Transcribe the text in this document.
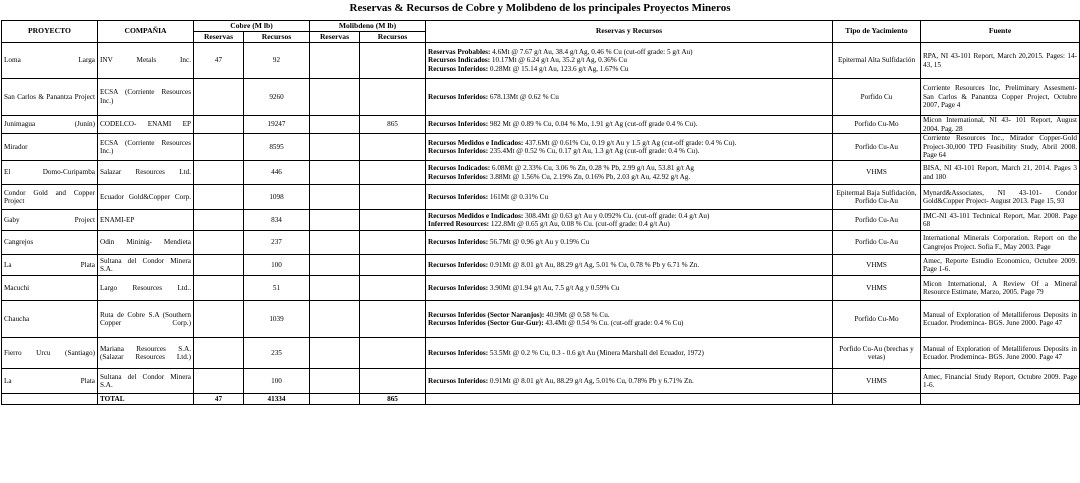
Reservas & Recursos de Cobre y Molibdeno de los principales Proyectos Mineros
PROYECTO	COMPAÑIA	Cobre (M lb)		Molibdeno (M lb)		Reservas y Recursos	Tipo de Yacimiento	Fuente
		Reservas	Recursos	Reservas	Recursos			
Loma Larga	INV Metals Inc.	47	92			Reservas Probables: 4.6Mt @ 7.67 g/t Au, 38.4 g/t Ag, 0.46 % Cu (cut-off grade: 5 g/t Au)
Recursos Indicados: 10.17Mt @ 6.24 g/t Au, 35.2 g/t Ag, 0.36% Cu
Recursos Inferidos: 0.28Mt @ 15.14 g/t Au, 123.6 g/t Ag, 1.67% Cu	Epitermal Alta Sulfidación	RPA, NI 43-101 Report, March 20,2015. Pages: 14-43, 15
San Carlos & Panantza Project	ECSA (Corriente Resources Inc.)		9260			Recursos Inferidos: 678.13Mt @ 0.62 % Cu	Porfido Cu	Corriente Resources Inc, Preliminary Assesment- San Carlos & Panantza Copper Project, Octubre 2007, Page 4
Junimagua (Junín)	CODELCO- ENAMI EP		19247		865	Recursos Inferidos: 982 Mt @ 0.89 % Cu, 0.04 % Mo, 1.91 g/t Ag (cut-off grade 0.4 % Cu).	Porfido Cu-Mo	Micon International, NI 43- 101 Report, August 2004. Pag. 28
Mirador	ECSA (Corriente Resources Inc.)		8595			Recursos Medidos e Indicados: 437.6Mt @ 0.61% Cu, 0.19 g/t Au y 1.5 g/t Ag (cut-off grade: 0.4 % Cu).
Recursos Inferidos: 235.4Mt @ 0.52 % Cu, 0.17 g/t Au, 1.3 g/t Ag (cut-off grade: 0.4 % Cu).	Porfido Cu-Au	Corriente Resources Inc., Mirador Copper-Gold Project-30,000 TPD Feasibility Study, Abril 2008. Page 64
El Domo-Curipamba	Salazar Resources Ltd.		446			Recursos Indicados: 6.08Mt @ 2.33% Cu, 3.06 % Zn, 0.28 % Pb, 2.99 g/t Au, 53.81 g/t Ag
Recursos Inferidos: 3.88Mt @ 1.56% Cu, 2.19% Zn, 0.16% Pb, 2.03 g/t Au, 42.92 g/t Ag.	VHMS	BISA, NI 43-101 Report, March 21, 2014. Pages 3 and 180
Condor Gold and Copper Project	Ecuador Gold&Copper Corp.		1098			Recursos Inferidos: 161Mt @ 0.31% Cu	Epitermal Baja Sulfidación, Porfido Cu-Au	Mynard&Associates, NI 43-101- Condor Gold&Copper Project- August 2013. Page 15, 93
Gaby Project	ENAMI-EP		834			Recursos Medidos e Indicados: 308.4Mt @ 0.63 g/t Au y 0.092% Cu. (cut-off grade: 0.4 g/t Au)
Inferred Resources: 122.8Mt @ 0.65 g/t Au, 0.08 % Cu. (cut-off grade: 0.4 g/t Au)	Porfido Cu-Au	IMC-NI 43-101 Technical Report, Mar. 2008. Page 68
Cangrejos	Odin Mininig- Mendieta		237			Recursos Inferidos: 56.7Mt @ 0.96 g/t Au y 0.19% Cu	Porfido Cu-Au	International Minerals Corporation. Report on the Cangrejos Project. Sofia F., May 2003. Page
La Plata	Sultana del Condor Minera S.A.		100			Recursos Inferidos: 0.91Mt @ 8.01 g/t Au, 88.29 g/t Ag, 5.01 % Cu, 0.78 % Pb y 6.71 % Zn.	VHMS	Amec, Reporte Estudio Economico, Octubre 2009. Page 1-6.
Macuchi	Largo Resources Ltd..		51			Recursos Inferidos: 3.90Mt @1.94 g/t Au, 7.5 g/t Ag y 0.59% Cu	VHMS	Micon International, A Review Of a Mineral Resource Estimate, Marzo, 2005. Page 79
Chaucha	Ruta de Cobre S.A (Southern Copper Corp.)		1039			Recursos Inferidos (Sector Naranjos): 40.9Mt @ 0.58 % Cu.
Recursos Inferidos (Sector Gur-Gur): 43.4Mt @ 0.54 % Cu. (cut-off grade: 0.4 % Cu)	Porfido Cu-Mo	Manual of Exploration of Metalliferous Deposits in Ecuador. Prodeminca- BGS. June 2000. Page 47
Fierro Urcu (Santiago)	Mariana Resources S.A. (Salazar Resources Ltd.)		235			Recursos Inferidos: 53.5Mt @ 0.2 % Cu, 0.3 - 0.6 g/t Au (Minera Marshall del Ecuador, 1972)	Porfido Cu-Au (brechas y vetas)	Manual of Exploration of Metalliferous Deposits in Ecuador. Prodeminca- BGS. June 2000. Page 47
La Plata	Sultana del Condor Minera S.A.		100			Recursos Inferidos: 0.91Mt @ 8.01 g/t Au, 88.29 g/t Ag, 5.01% Cu, 0.78% Pb y 6.71% Zn.	VHMS	Amec, Financial Study Report, Octubre 2009. Page 1-6.
	TOTAL	47	41334		865			
